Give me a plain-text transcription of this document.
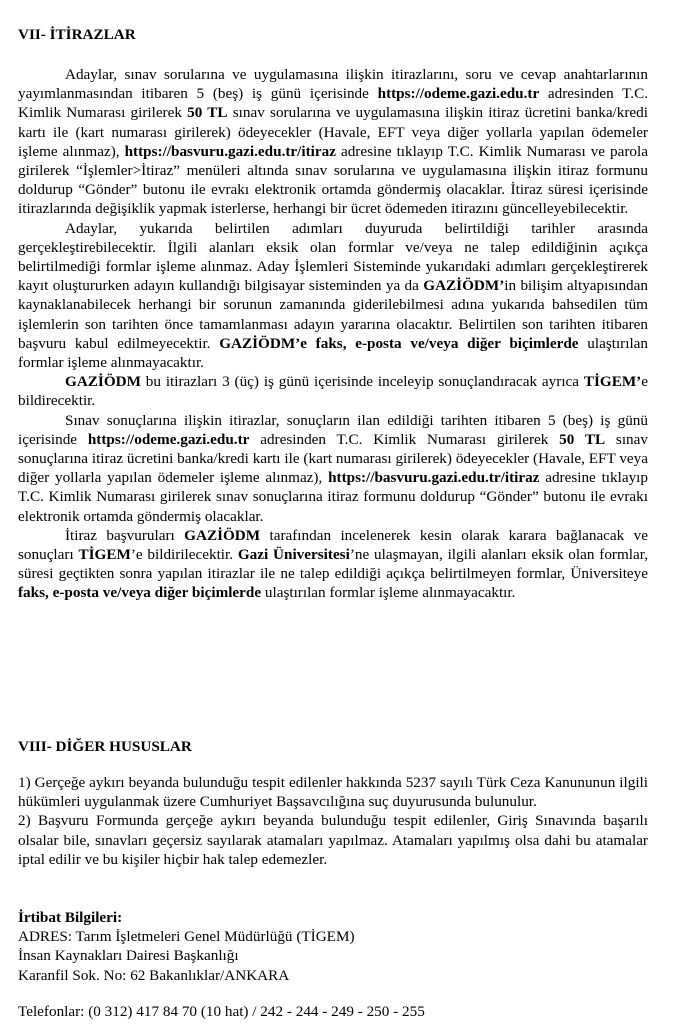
VII- İTİRAZLAR

Adaylar, sınav sorularına ve uygulamasına ilişkin itirazlarını, soru ve cevap anahtarlarının yayımlanmasından itibaren 5 (beş) iş günü içerisinde https://odeme.gazi.edu.tr adresinden T.C. Kimlik Numarası girilerek 50 TL sınav sorularına ve uygulamasına ilişkin itiraz ücretini banka/kredi kartı ile (kart numarası girilerek) ödeyecekler (Havale, EFT veya diğer yollarla yapılan ödemeler işleme alınmaz), https://basvuru.gazi.edu.tr/itiraz adresine tıklayıp T.C. Kimlik Numarası ve parola girilerek “İşlemler>İtiraz” menüleri altında sınav sorularına ve uygulamasına ilişkin itiraz formunu doldurup “Gönder” butonu ile evrakı elektronik ortamda göndermiş olacaklar. İtiraz süresi içerisinde itirazlarında değişiklik yapmak isterlerse, herhangi bir ücret ödemeden itirazını güncelleyebilecektir.

Adaylar, yukarıda belirtilen adımları duyuruda belirtildiği tarihler arasında gerçekleştirebilecektir. İlgili alanları eksik olan formlar ve/veya ne talep edildiğinin açıkça belirtilmediği formlar işleme alınmaz. Aday İşlemleri Sisteminde yukarıdaki adımları gerçekleştirerek kayıt oluştururken adayın kullandığı bilgisayar sisteminden ya da GAZİÖDM’in bilişim altyapısından kaynaklanabilecek herhangi bir sorunun zamanında giderilebilmesi adına yukarıda bahsedilen tüm işlemlerin son tarihten önce tamamlanması adayın yararına olacaktır. Belirtilen son tarihten itibaren başvuru kabul edilmeyecektir. GAZİÖDM’e faks, e-posta ve/veya diğer biçimlerde ulaştırılan formlar işleme alınmayacaktır.

GAZİÖDM bu itirazları 3 (üç) iş günü içerisinde inceleyip sonuçlandıracak ayrıca TİGEM’e bildirecektir.

Sınav sonuçlarına ilişkin itirazlar, sonuçların ilan edildiği tarihten itibaren 5 (beş) iş günü içerisinde https://odeme.gazi.edu.tr adresinden T.C. Kimlik Numarası girilerek 50 TL sınav sonuçlarına itiraz ücretini banka/kredi kartı ile (kart numarası girilerek) ödeyecekler (Havale, EFT veya diğer yollarla yapılan ödemeler işleme alınmaz), https://basvuru.gazi.edu.tr/itiraz adresine tıklayıp T.C. Kimlik Numarası girilerek sınav sonuçlarına itiraz formunu doldurup “Gönder” butonu ile evrakı elektronik ortamda göndermiş olacaklar.

İtiraz başvuruları GAZİÖDM tarafından incelenerek kesin olarak karara bağlanacak ve sonuçları TİGEM’e bildirilecektir. Gazi Üniversitesi’ne ulaşmayan, ilgili alanları eksik olan formlar, süresi geçtikten sonra yapılan itirazlar ile ne talep edildiği açıkça belirtilmeyen formlar, Üniversiteye faks, e-posta ve/veya diğer biçimlerde ulaştırılan formlar işleme alınmayacaktır.

VIII- DİĞER HUSUSLAR

1) Gerçeğe aykırı beyanda bulunduğu tespit edilenler hakkında 5237 sayılı Türk Ceza Kanununun ilgili hükümleri uygulanmak üzere Cumhuriyet Başsavcılığına suç duyurusunda bulunulur.

2) Başvuru Formunda gerçeğe aykırı beyanda bulunduğu tespit edilenler, Giriş Sınavında başarılı olsalar bile, sınavları geçersiz sayılarak atamaları yapılmaz. Atamaları yapılmış olsa dahi bu atamalar iptal edilir ve bu kişiler hiçbir hak talep edemezler.

İrtibat Bilgileri:
ADRES: Tarım İşletmeleri Genel Müdürlüğü (TİGEM)
İnsan Kaynakları Dairesi Başkanlığı
Karanfil Sok. No: 62 Bakanlıklar/ANKARA
Telefonlar: (0 312) 417 84 70 (10 hat) / 242 - 244 - 249 - 250 - 255
